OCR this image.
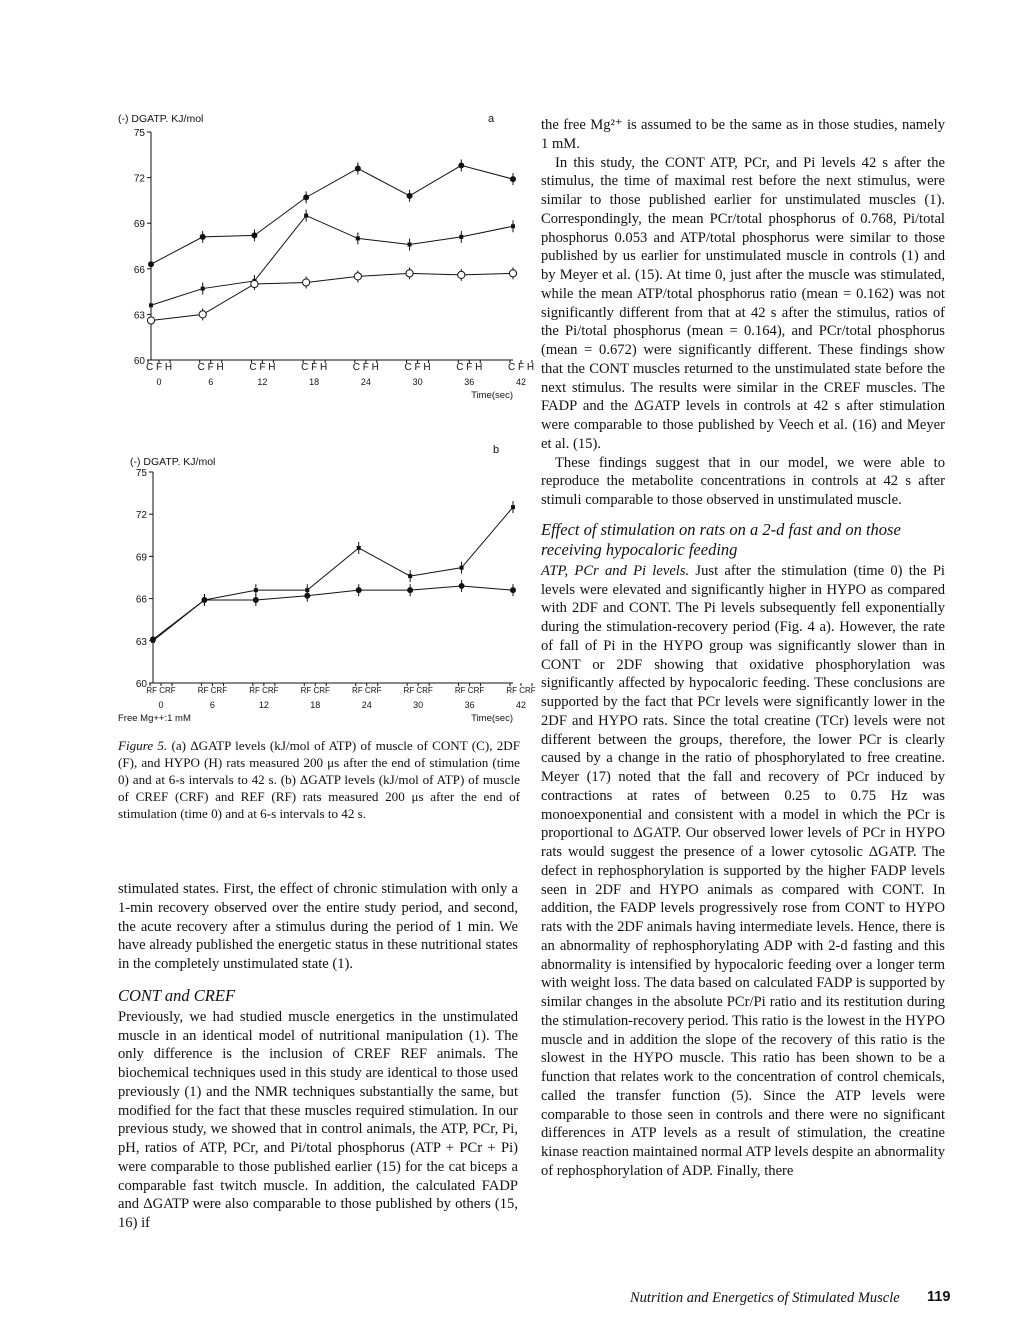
(-) DGATP. KJ/mol	a
Time(sec)
(-) DGATP. KJ/mol
b
Time(sec)
Free Mg++:1 mM
75
72
69
66
63
60
C F H
0
C F H
6
C F H
12
C F H
18
C F H
24
C F H
30
C F H
36
C F H
42
75
72
69
66
63
60
RF CRF
0
RF CRF
6
RF CRF
12
RF CRF
18
RF CRF
24
RF CRF
30
RF CRF
36
RF CRF
42
Figure 5. (a) ΔGATP levels (kJ/mol of ATP) of muscle of CONT (C), 2DF (F), and HYPO (H) rats measured 200 μs after the end of stimulation (time 0) and at 6-s intervals to 42 s. (b) ΔGATP levels (kJ/mol of ATP) of muscle of CREF (CRF) and REF (RF) rats measured 200 μs after the end of stimulation (time 0) and at 6-s intervals to 42 s.

stimulated states. First, the effect of chronic stimulation with only a 1-min recovery observed over the entire study period, and second, the acute recovery after a stimulus during the period of 1 min. We have already published the energetic status in these nutritional states in the completely unstimulated state (1).

CONT and CREF

Previously, we had studied muscle energetics in the unstimulated muscle in an identical model of nutritional manipulation (1). The only difference is the inclusion of CREF REF animals. The biochemical techniques used in this study are identical to those used previously (1) and the NMR techniques substantially the same, but modified for the fact that these muscles required stimulation. In our previous study, we showed that in control animals, the ATP, PCr, Pi, pH, ratios of ATP, PCr, and Pi/total phosphorus (ATP + PCr + Pi) were comparable to those published earlier (15) for the cat biceps a comparable fast twitch muscle. In addition, the calculated FADP and ΔGATP were also comparable to those published by others (15, 16) if

the free Mg²⁺ is assumed to be the same as in those studies, namely 1 mM.

In this study, the CONT ATP, PCr, and Pi levels 42 s after the stimulus, the time of maximal rest before the next stimulus, were similar to those published earlier for unstimulated muscles (1). Correspondingly, the mean PCr/total phosphorus of 0.768, Pi/total phosphorus 0.053 and ATP/total phosphorus were similar to those published by us earlier for unstimulated muscle in controls (1) and by Meyer et al. (15). At time 0, just after the muscle was stimulated, while the mean ATP/total phosphorus ratio (mean = 0.162) was not significantly different from that at 42 s after the stimulus, ratios of the Pi/total phosphorus (mean = 0.164), and PCr/total phosphorus (mean = 0.672) were significantly different. These findings show that the CONT muscles returned to the unstimulated state before the next stimulus. The results were similar in the CREF muscles. The FADP and the ΔGATP levels in controls at 42 s after stimulation were comparable to those published by Veech et al. (16) and Meyer et al. (15).

These findings suggest that in our model, we were able to reproduce the metabolite concentrations in controls at 42 s after stimuli comparable to those observed in unstimulated muscle.

Effect of stimulation on rats on a 2-d fast and on those receiving hypocaloric feeding

ATP, PCr and Pi levels. Just after the stimulation (time 0) the Pi levels were elevated and significantly higher in HYPO as compared with 2DF and CONT. The Pi levels subsequently fell exponentially during the stimulation-recovery period (Fig. 4 a). However, the rate of fall of Pi in the HYPO group was significantly slower than in CONT or 2DF showing that oxidative phosphorylation was significantly affected by hypocaloric feeding. These conclusions are supported by the fact that PCr levels were significantly lower in the 2DF and HYPO rats. Since the total creatine (TCr) levels were not different between the groups, therefore, the lower PCr is clearly caused by a change in the ratio of phosphorylated to free creatine. Meyer (17) noted that the fall and recovery of PCr induced by contractions at rates of between 0.25 to 0.75 Hz was monoexponential and consistent with a model in which the PCr is proportional to ΔGATP. Our observed lower levels of PCr in HYPO rats would suggest the presence of a lower cytosolic ΔGATP. The defect in rephosphorylation is supported by the higher FADP levels seen in 2DF and HYPO animals as compared with CONT. In addition, the FADP levels progressively rose from CONT to HYPO rats with the 2DF animals having intermediate levels. Hence, there is an abnormality of rephosphorylating ADP with 2-d fasting and this abnormality is intensified by hypocaloric feeding over a longer term with weight loss. The data based on calculated FADP is supported by similar changes in the absolute PCr/Pi ratio and its restitution during the stimulation-recovery period. This ratio is the lowest in the HYPO muscle and in addition the slope of the recovery of this ratio is the slowest in the HYPO muscle. This ratio has been shown to be a function that relates work to the concentration of control chemicals, called the transfer function (5). Since the ATP levels were comparable to those seen in controls and there were no significant differences in ATP levels as a result of stimulation, the creatine kinase reaction maintained normal ATP levels despite an abnormality of rephosphorylation of ADP. Finally, there

Nutrition and Energetics of Stimulated Muscle 119
